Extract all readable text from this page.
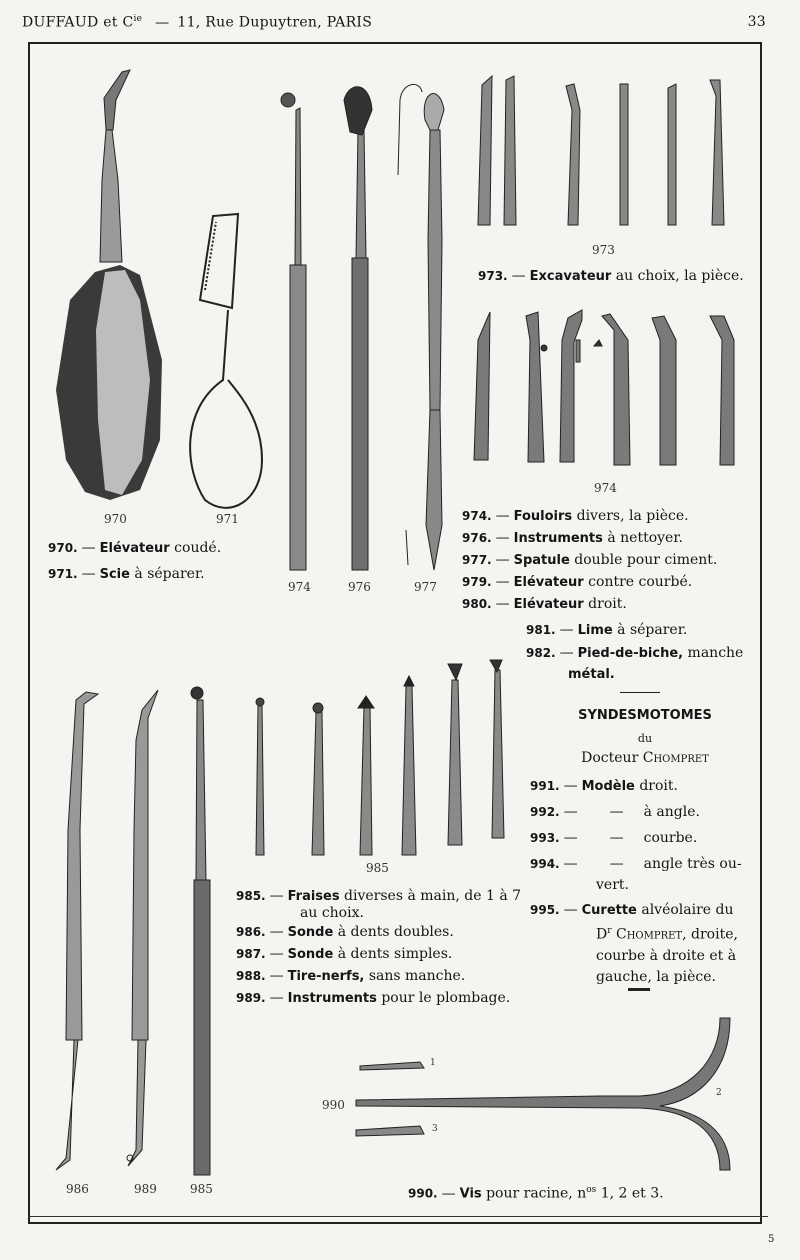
DUFFAUD et $C^{ie}$ — 11, Rue Dupuytren, PARIS	33
5
970	971
974	976	977
973
974
985
986	989	985
990
1
2
3
973. — Excavateur au choix, la pièce.
970. — Elévateur coudé.
971. — Scie à séparer.
974. — Fouloirs divers, la pièce.
976. — Instruments à nettoyer.
977. — Spatule double pour ciment.
979. — Elévateur contre courbé.
980. — Elévateur droit.
981. — Lime à séparer.
982. — Pied-de-biche, manche
métal.
SYNDESMOTOMES
du
Docteur Chompret
991. — Modèle droit.
992. — — à angle.
993. — — courbe.
994. — — angle très ou-
vert.
995. — Curette alvéolaire du
$D^r$ Chompret, droite,
courbe à droite et à
gauche, la pièce.
985. — Fraises diverses à main, de 1 à 7
au choix.
986. — Sonde à dents doubles.
987. — Sonde à dents simples.
988. — Tire-nerfs, sans manche.
989. — Instruments pour le plombage.
990. — Vis pour racine, $n^{os}$ 1, 2 et 3.
